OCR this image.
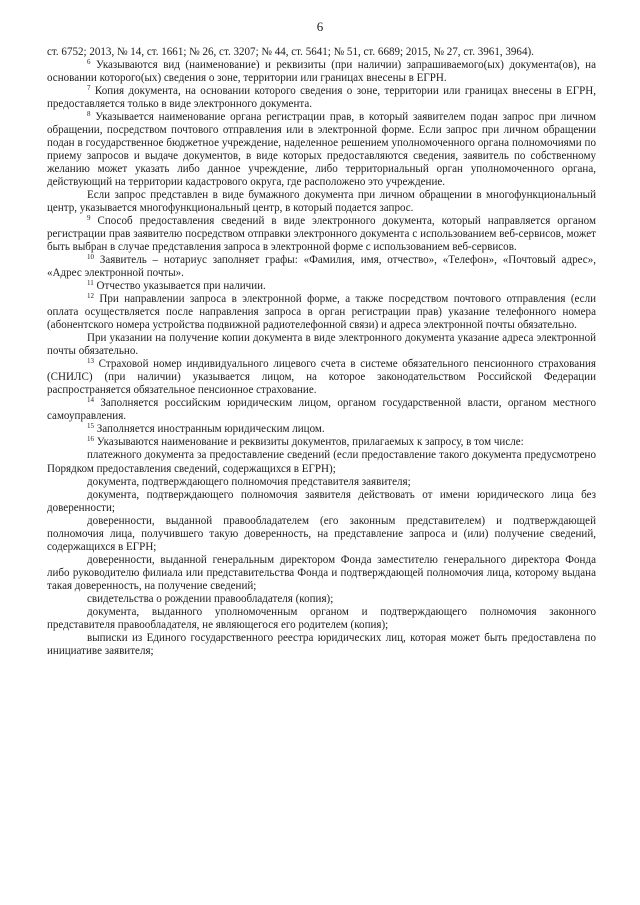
6

ст. 6752; 2013, № 14, ст. 1661; № 26, ст. 3207; № 44, ст. 5641; № 51, ст. 6689; 2015, № 27, ст. 3961, 3964).

$^6$ Указываются вид (наименование) и реквизиты (при наличии) запрашиваемого(ых) документа(ов), на основании которого(ых) сведения о зоне, территории или границах внесены в ЕГРН.

$^7$ Копия документа, на основании которого сведения о зоне, территории или границах внесены в ЕГРН, предоставляется только в виде электронного документа.

$^8$ Указывается наименование органа регистрации прав, в который заявителем подан запрос при личном обращении, посредством почтового отправления или в электронной форме. Если запрос при личном обращении подан в государственное бюджетное учреждение, наделенное решением уполномоченного органа полномочиями по приему запросов и выдаче документов, в виде которых предоставляются сведения, заявитель по собственному желанию может указать либо данное учреждение, либо территориальный орган уполномоченного органа, действующий на территории кадастрового округа, где расположено это учреждение.

Если запрос представлен в виде бумажного документа при личном обращении в многофункциональный центр, указывается многофункциональный центр, в который подается запрос.

$^9$ Способ предоставления сведений в виде электронного документа, который направляется органом регистрации прав заявителю посредством отправки электронного документа с использованием веб-сервисов, может быть выбран в случае представления запроса в электронной форме с использованием веб-сервисов.

$^{10}$ Заявитель – нотариус заполняет графы: «Фамилия, имя, отчество», «Телефон», «Почтовый адрес», «Адрес электронной почты».

$^{11}$ Отчество указывается при наличии.

$^{12}$ При направлении запроса в электронной форме, а также посредством почтового отправления (если оплата осуществляется после направления запроса в орган регистрации прав) указание телефонного номера (абонентского номера устройства подвижной радиотелефонной связи) и адреса электронной почты обязательно.

При указании на получение копии документа в виде электронного документа указание адреса электронной почты обязательно.

$^{13}$ Страховой номер индивидуального лицевого счета в системе обязательного пенсионного страхования (СНИЛС) (при наличии) указывается лицом, на которое законодательством Российской Федерации распространяется обязательное пенсионное страхование.

$^{14}$ Заполняется российским юридическим лицом, органом государственной власти, органом местного самоуправления.

$^{15}$ Заполняется иностранным юридическим лицом.

$^{16}$ Указываются наименование и реквизиты документов, прилагаемых к запросу, в том числе:

платежного документа за предоставление сведений (если предоставление такого документа предусмотрено Порядком предоставления сведений, содержащихся в ЕГРН);

документа, подтверждающего полномочия представителя заявителя;

документа, подтверждающего полномочия заявителя действовать от имени юридического лица без доверенности;

доверенности, выданной правообладателем (его законным представителем) и подтверждающей полномочия лица, получившего такую доверенность, на представление запроса и (или) получение сведений, содержащихся в ЕГРН;

доверенности, выданной генеральным директором Фонда заместителю генерального директора Фонда либо руководителю филиала или представительства Фонда и подтверждающей полномочия лица, которому выдана такая доверенность, на получение сведений;

свидетельства о рождении правообладателя (копия);

документа, выданного уполномоченным органом и подтверждающего полномочия законного представителя правообладателя, не являющегося его родителем (копия);

выписки из Единого государственного реестра юридических лиц, которая может быть предоставлена по инициативе заявителя;
